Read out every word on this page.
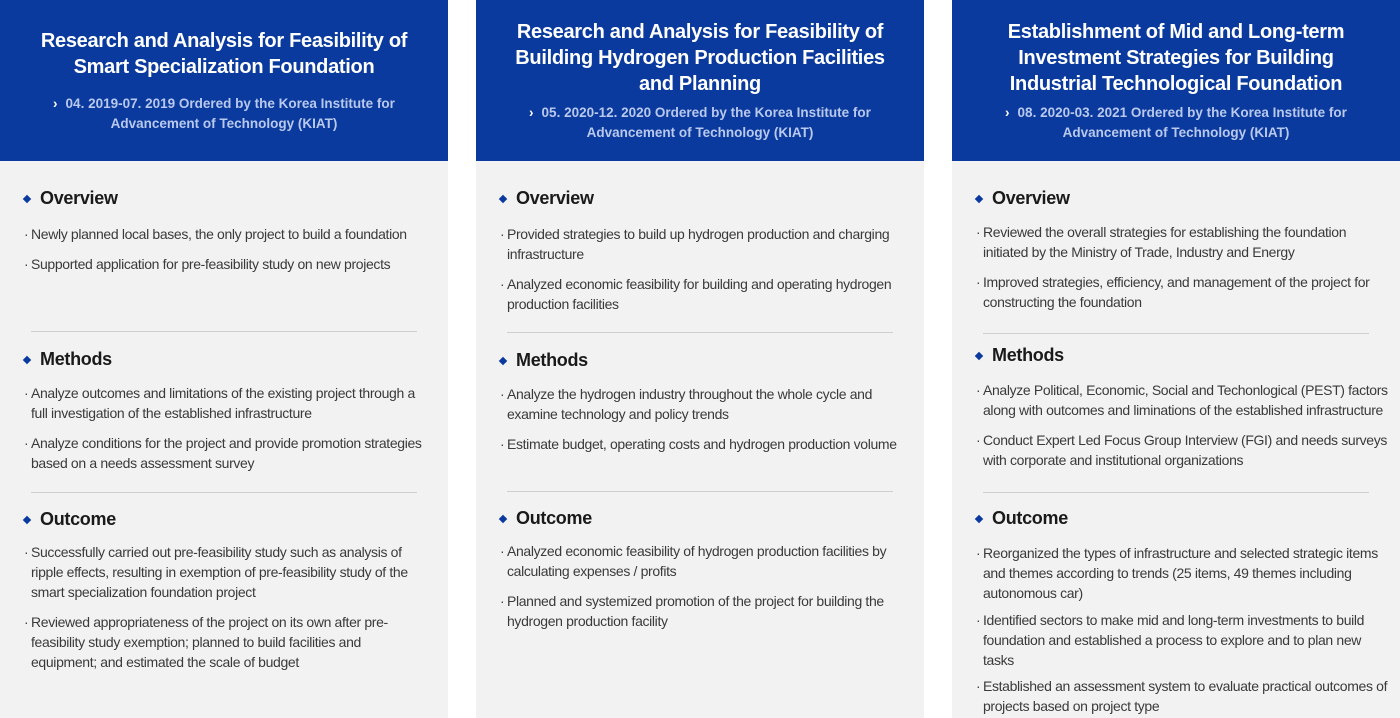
Research and Analysis for Feasibility of Smart Specialization Foundation
› 04. 2019-07. 2019 Ordered by the Korea Institute for Advancement of Technology (KIAT)
Overview
· Newly planned local bases, the only project to build a foundation
· Supported application for pre-feasibility study on new projects
Methods
· Analyze outcomes and limitations of the existing project through a full investigation of the established infrastructure
· Analyze conditions for the project and provide promotion strategies based on a needs assessment survey
Outcome
· Successfully carried out pre-feasibility study such as analysis of ripple effects, resulting in exemption of pre-feasibility study of the smart specialization foundation project
· Reviewed appropriateness of the project on its own after pre-feasibility study exemption; planned to build facilities and equipment; and estimated the scale of budget
Research and Analysis for Feasibility of Building Hydrogen Production Facilities and Planning
› 05. 2020-12. 2020 Ordered by the Korea Institute for Advancement of Technology (KIAT)
Overview
· Provided strategies to build up hydrogen production and charging infrastructure
· Analyzed economic feasibility for building and operating hydrogen production facilities
Methods
· Analyze the hydrogen industry throughout the whole cycle and examine technology and policy trends
· Estimate budget, operating costs and hydrogen production volume
Outcome
· Analyzed economic feasibility of hydrogen production facilities by calculating expenses / profits
· Planned and systemized promotion of the project for building the hydrogen production facility
Establishment of Mid and Long-term Investment Strategies for Building Industrial Technological Foundation
› 08. 2020-03. 2021 Ordered by the Korea Institute for Advancement of Technology (KIAT)
Overview
· Reviewed the overall strategies for establishing the foundation initiated by the Ministry of Trade, Industry and Energy
· Improved strategies, efficiency, and management of the project for constructing the foundation
Methods
· Analyze Political, Economic, Social and Techonlogical (PEST) factors along with outcomes and liminations of the established infrastructure
· Conduct Expert Led Focus Group Interview (FGI) and needs surveys with corporate and institutional organizations
Outcome
· Reorganized the types of infrastructure and selected strategic items and themes according to trends (25 items, 49 themes including autonomous car)
· Identified sectors to make mid and long-term investments to build foundation and established a process to explore and to plan new tasks
· Established an assessment system to evaluate practical outcomes of projects based on project type
